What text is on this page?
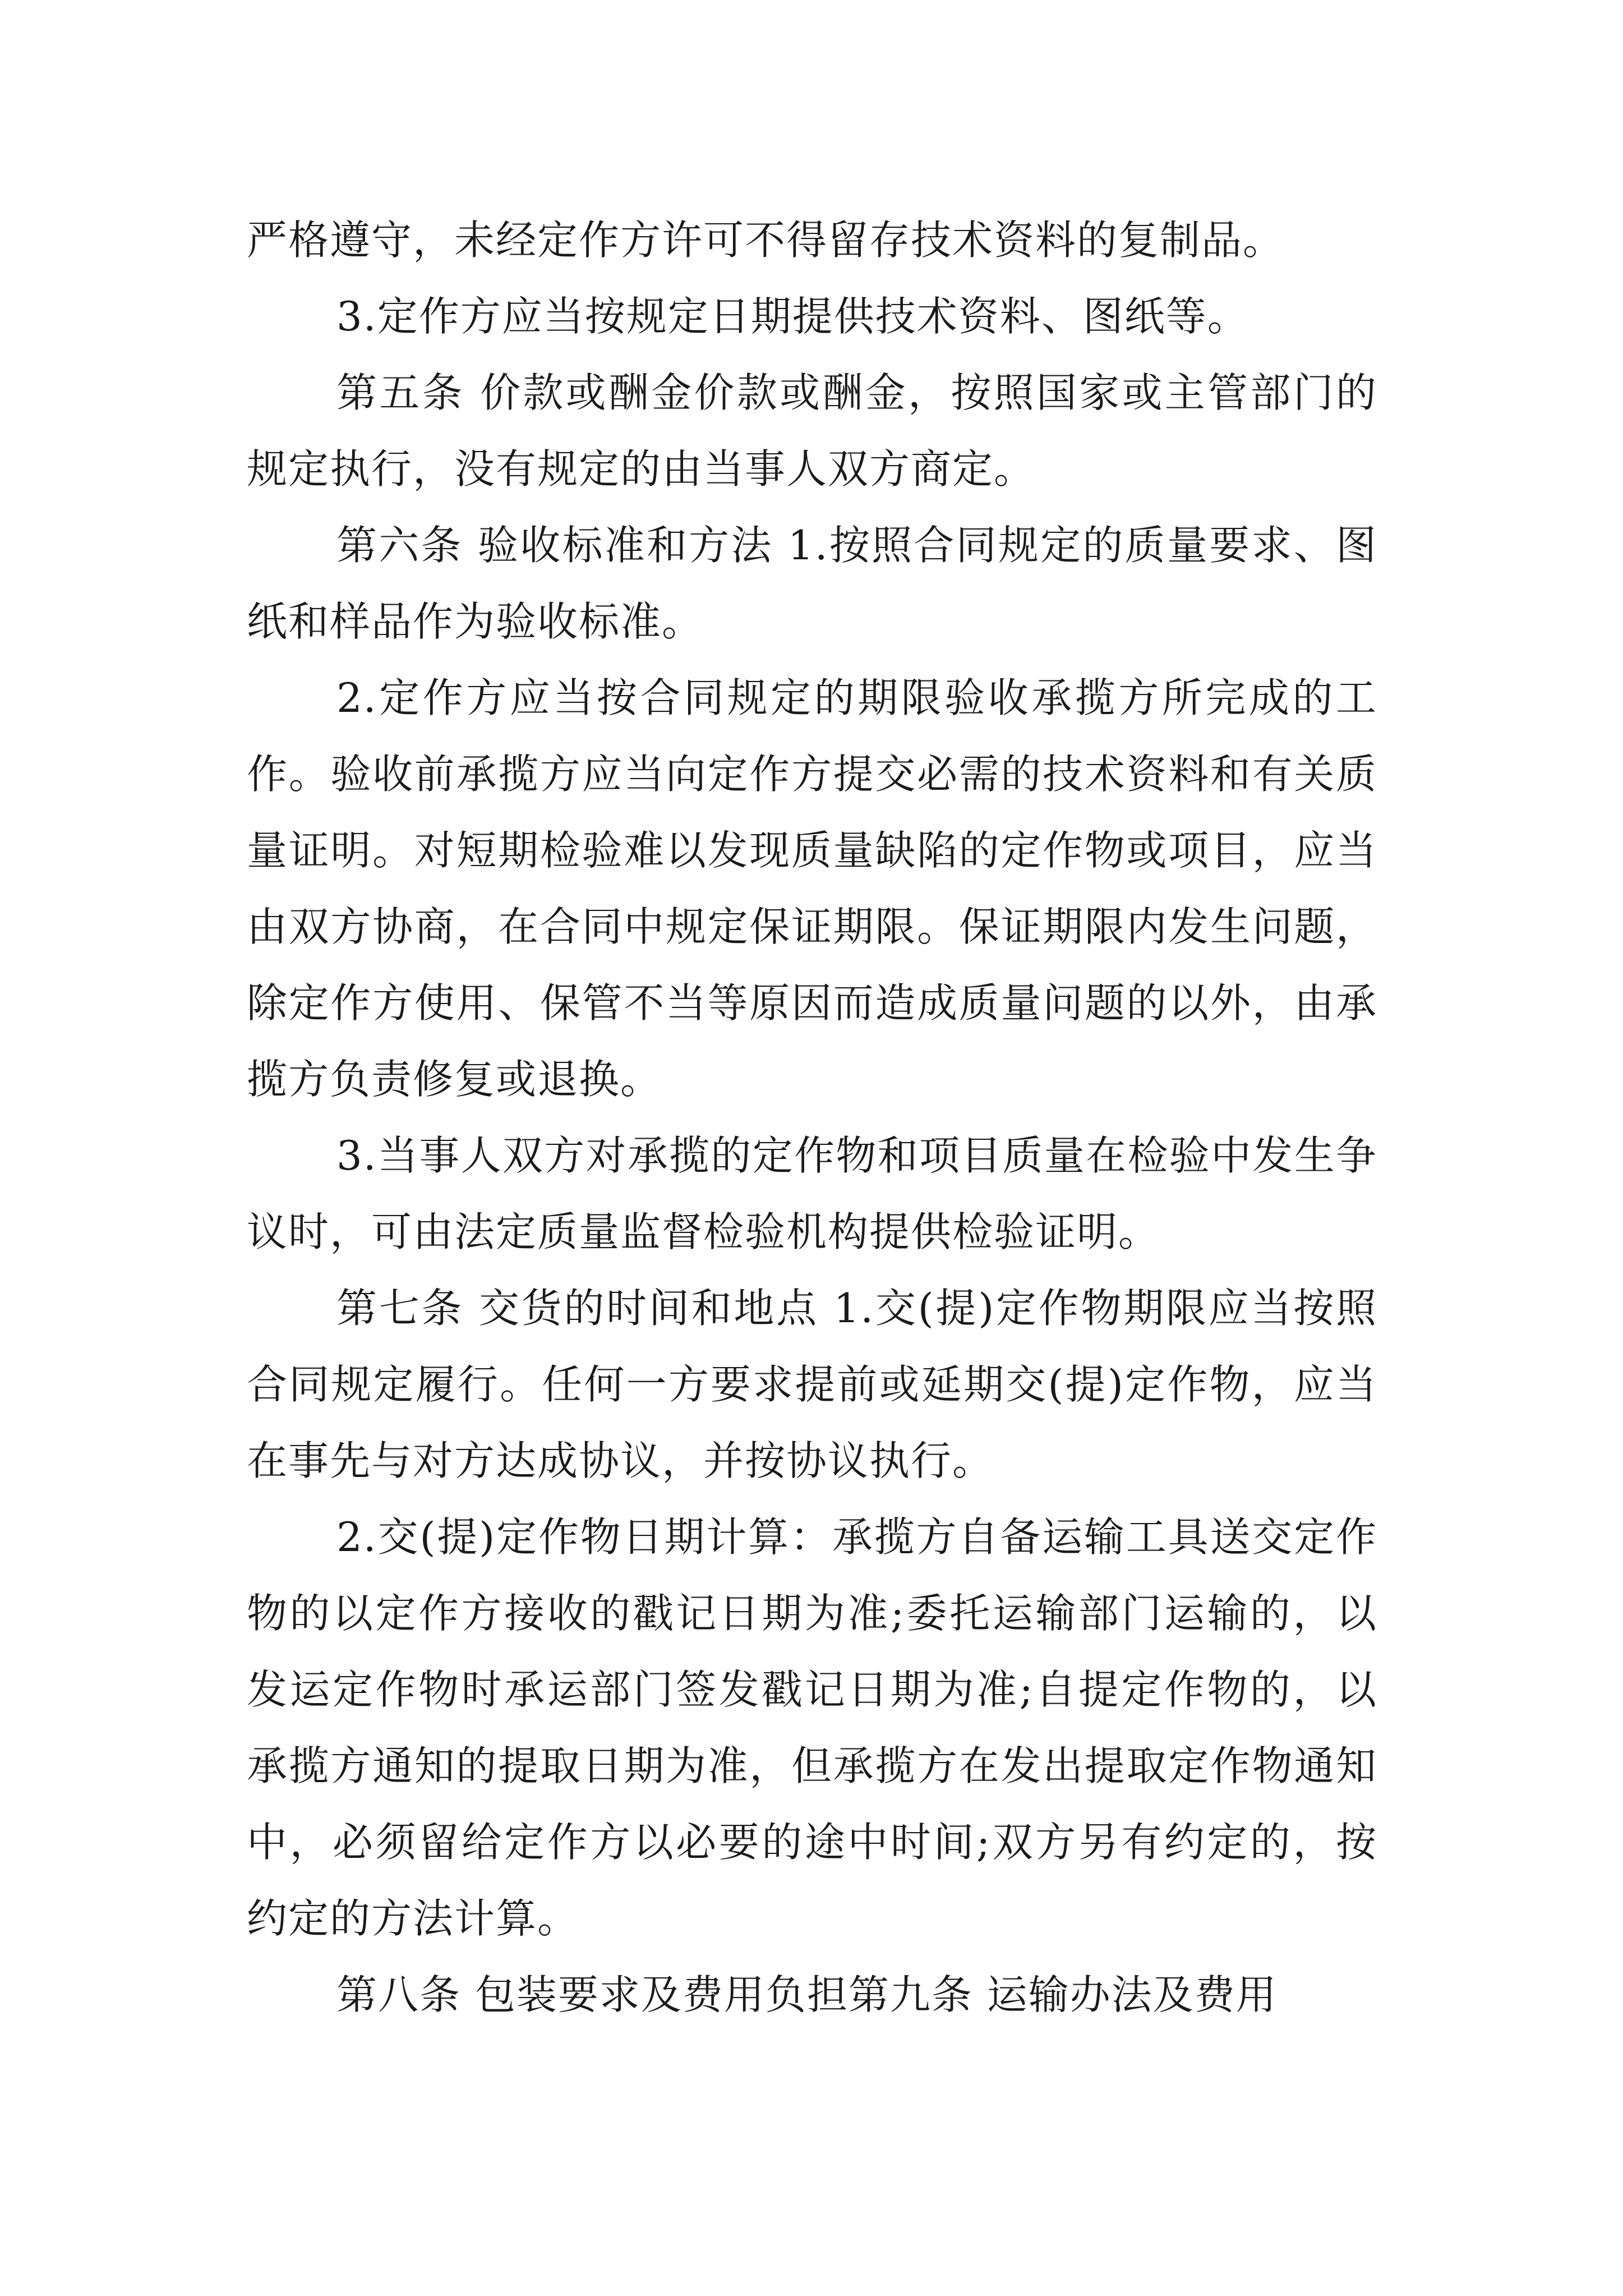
严格遵守，未经定作方许可不得留存技术资料的复制品。

3.定作方应当按规定日期提供技术资料、图纸等。

第五条 价款或酬金价款或酬金，按照国家或主管部门的规定执行，没有规定的由当事人双方商定。

第六条 验收标准和方法 1.按照合同规定的质量要求、图纸和样品作为验收标准。

2.定作方应当按合同规定的期限验收承揽方所完成的工作。验收前承揽方应当向定作方提交必需的技术资料和有关质量证明。对短期检验难以发现质量缺陷的定作物或项目，应当由双方协商，在合同中规定保证期限。保证期限内发生问题，除定作方使用、保管不当等原因而造成质量问题的以外，由承揽方负责修复或退换。

3.当事人双方对承揽的定作物和项目质量在检验中发生争议时，可由法定质量监督检验机构提供检验证明。

第七条 交货的时间和地点 1.交(提)定作物期限应当按照合同规定履行。任何一方要求提前或延期交(提)定作物，应当在事先与对方达成协议，并按协议执行。

2.交(提)定作物日期计算：承揽方自备运输工具送交定作物的以定作方接收的戳记日期为准;委托运输部门运输的，以发运定作物时承运部门签发戳记日期为准;自提定作物的，以承揽方通知的提取日期为准，但承揽方在发出提取定作物通知中，必须留给定作方以必要的途中时间;双方另有约定的，按约定的方法计算。

第八条 包装要求及费用负担第九条 运输办法及费用
